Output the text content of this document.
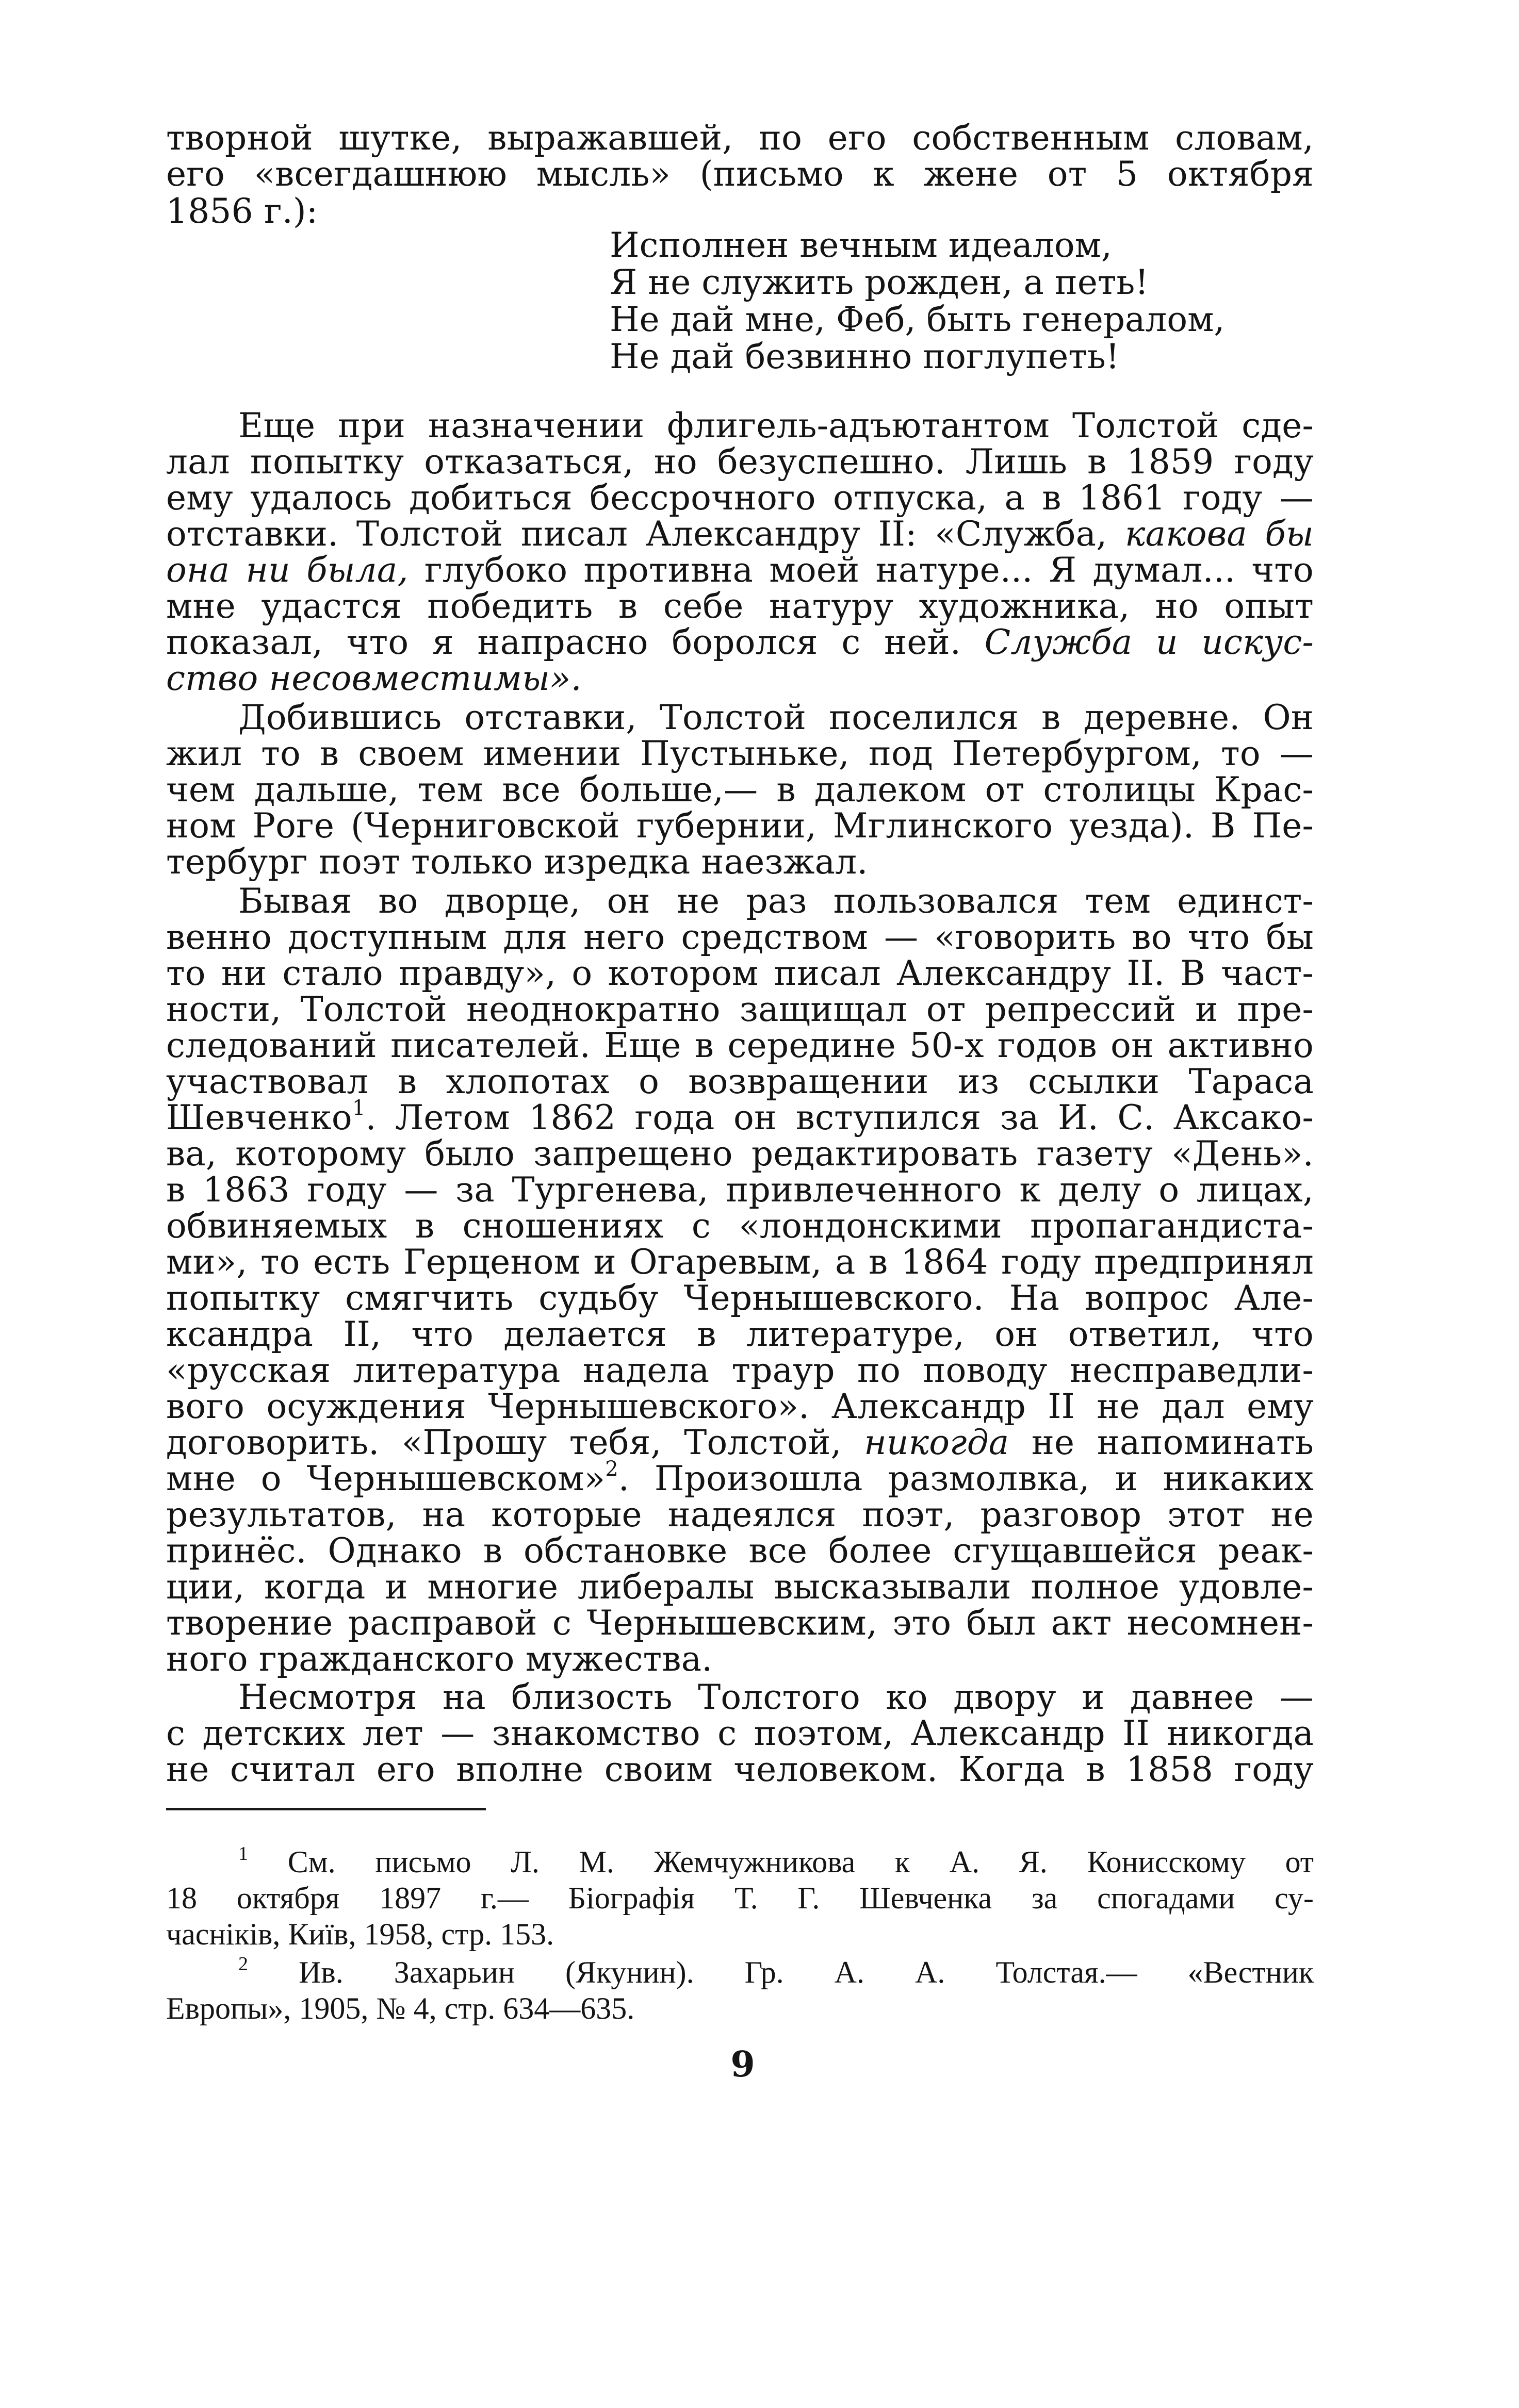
творной шутке, выражавшей, по его собственным словам,
его «всегдашнюю мысль» (письмо к жене от 5 октября
1856 г.):
Исполнен вечным идеалом,
Я не служить рожден, а петь!
Не дай мне, Феб, быть генералом,
Не дай безвинно поглупеть!
Еще при назначении флигель-адъютантом Толстой сде-
лал попытку отказаться, но безуспешно. Лишь в 1859 году
ему удалось добиться бессрочного отпуска, а в 1861 году —
отставки. Толстой писал Александру II: «Служба, какова бы
она ни была, глубоко противна моей натуре... Я думал... что
мне удастся победить в себе натуру художника, но опыт
показал, что я напрасно боролся с ней. Служба и искус-
ство несовместимы».
Добившись отставки, Толстой поселился в деревне. Он
жил то в своем имении Пустыньке, под Петербургом, то —
чем дальше, тем все больше,— в далеком от столицы Крас-
ном Роге (Черниговской губернии, Мглинского уезда). В Пе-
тербург поэт только изредка наезжал.
Бывая во дворце, он не раз пользовался тем единст-
венно доступным для него средством — «говорить во что бы
то ни стало правду», о котором писал Александру II. В част-
ности, Толстой неоднократно защищал от репрессий и пре-
следований писателей. Еще в середине 50-х годов он активно
участвовал в хлопотах о возвращении из ссылки Тараса
Шевченко$^1$. Летом 1862 года он вступился за И. С. Аксако-
ва, которому было запрещено редактировать газету «День».
в 1863 году — за Тургенева, привлеченного к делу о лицах,
обвиняемых в сношениях с «лондонскими пропагандиста-
ми», то есть Герценом и Огаревым, а в 1864 году предпринял
попытку смягчить судьбу Чернышевского. На вопрос Але-
ксандра II, что делается в литературе, он ответил, что
«русская литература надела траур по поводу несправедли-
вого осуждения Чернышевского». Александр II не дал ему
договорить. «Прошу тебя, Толстой, никогда не напоминать
мне о Чернышевском»$^2$. Произошла размолвка, и никаких
результатов, на которые надеялся поэт, разговор этот не
принёс. Однако в обстановке все более сгущавшейся реак-
ции, когда и многие либералы высказывали полное удовле-
творение расправой с Чернышевским, это был акт несомнен-
ного гражданского мужества.
Несмотря на близость Толстого ко двору и давнее —
с детских лет — знакомство с поэтом, Александр II никогда
не считал его вполне своим человеком. Когда в 1858 году
$^1$ См. письмо Л. М. Жемчужникова к А. Я. Конисскому от
18 октября 1897 г.— Біографія Т. Г. Шевченка за спогадами су-
часніків, Київ, 1958, стр. 153.
$^2$ Ив. Захарьин (Якунин). Гр. А. А. Толстая.— «Вестник
Европы», 1905, № 4, стр. 634—635.
9
